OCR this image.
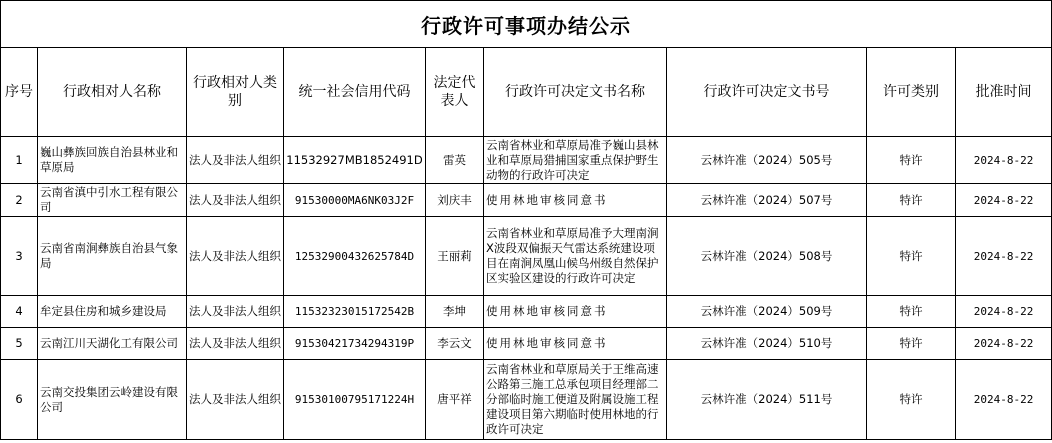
行政许可事项办结公示								
序号	行政相对人名称	行政相对人类别	统一社会信用代码	法定代表人	行政许可决定文书名称	行政许可决定文书号	许可类别	批准时间
1	巍山彝族回族自治县林业和草原局	法人及非法人组织	11532927MB1852491D	雷英	云南省林业和草原局准予巍山县林业和草原局猎捕国家重点保护野生动物的行政许可决定	云林许准（2024）505号	特许	2024-8-22
2	云南省滇中引水工程有限公司	法人及非法人组织	91530000MA6NK03J2F	刘庆丰	使用林地审核同意书	云林许准（2024）507号	特许	2024-8-22
3	云南省南涧彝族自治县气象局	法人及非法人组织	12532900432625784D	王丽莉	云南省林业和草原局准予大理南涧X波段双偏振天气雷达系统建设项目在南涧凤凰山候鸟州级自然保护区实验区建设的行政许可决定	云林许准（2024）508号	特许	2024-8-22
4	牟定县住房和城乡建设局	法人及非法人组织	11532323015172542B	李坤	使用林地审核同意书	云林许准（2024）509号	特许	2024-8-22
5	云南江川天湖化工有限公司	法人及非法人组织	91530421734294319P	李云文	使用林地审核同意书	云林许准（2024）510号	特许	2024-8-22
6	云南交投集团云岭建设有限公司	法人及非法人组织	91530100795171224H	唐平祥	云南省林业和草原局关于王维高速公路第三施工总承包项目经理部二分部临时施工便道及附属设施工程建设项目第六期临时使用林地的行政许可决定	云林许准（2024）511号	特许	2024-8-22
